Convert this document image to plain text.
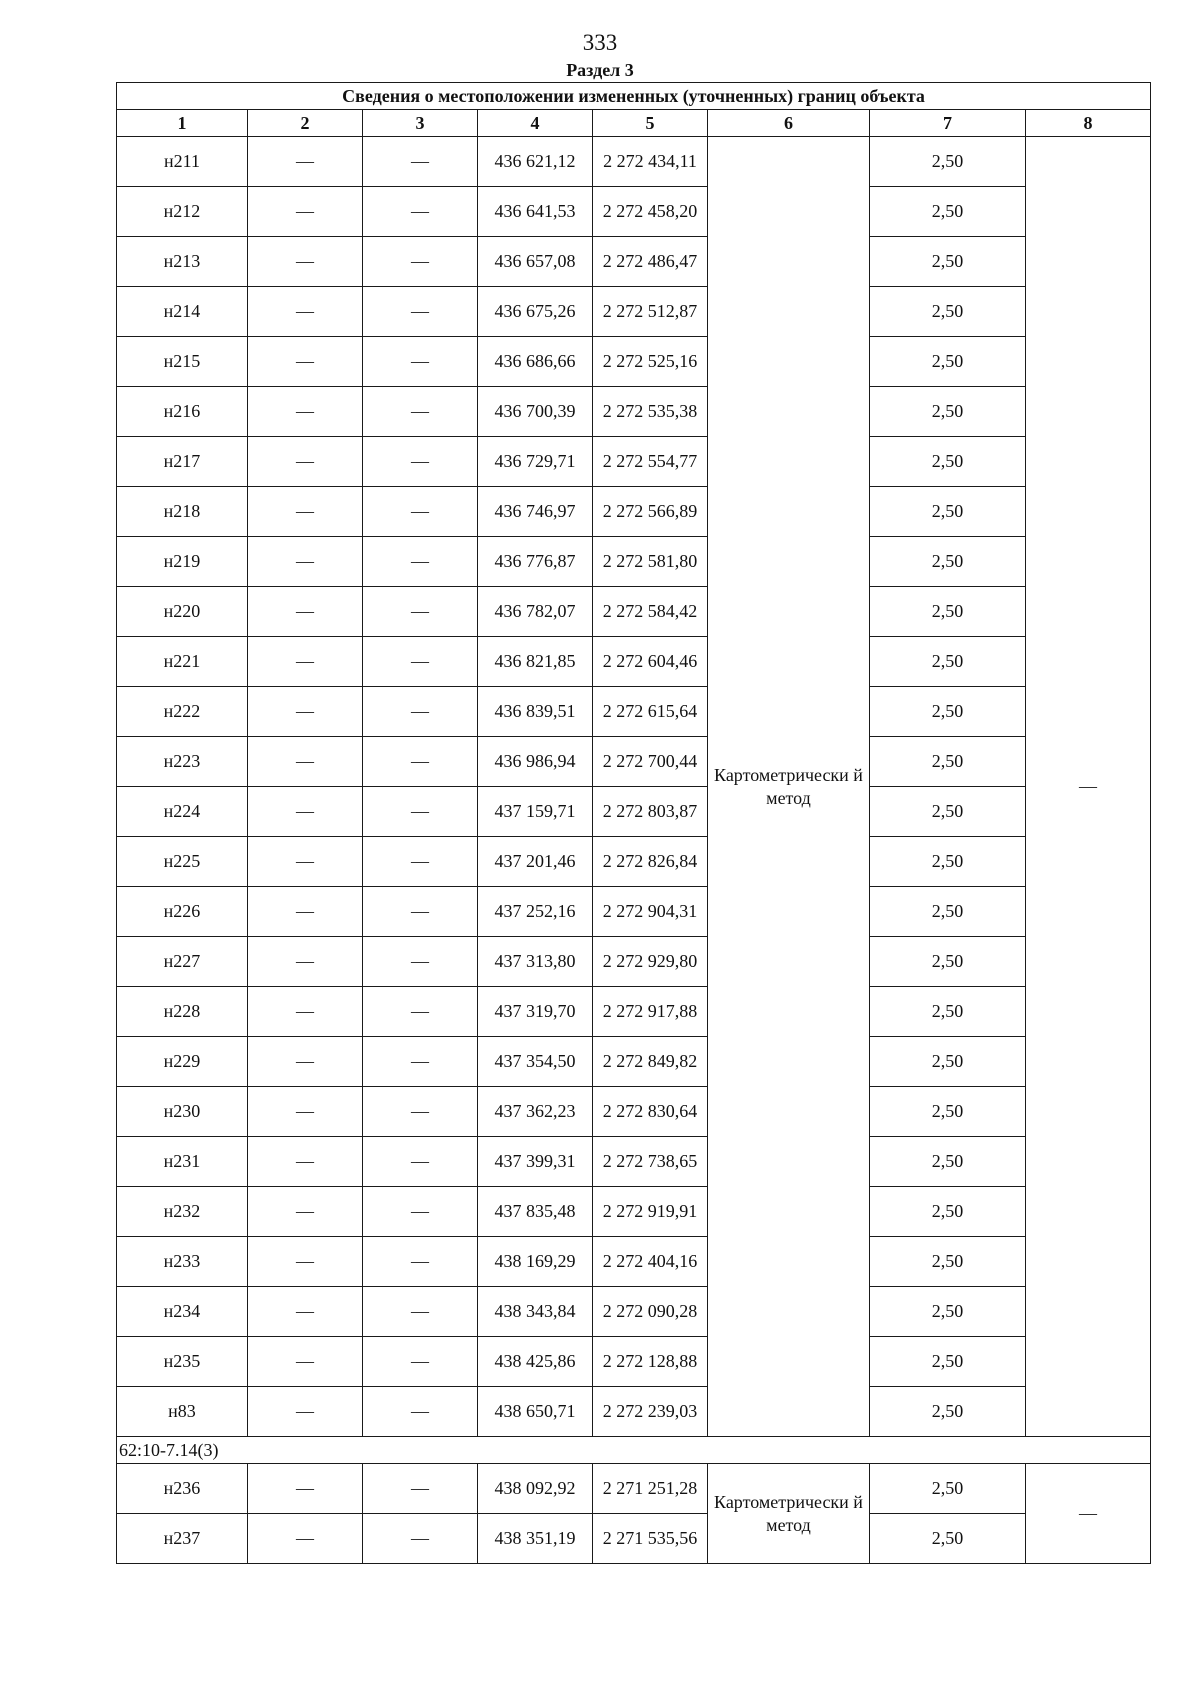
333
Раздел 3
Сведения о местоположении измененных (уточненных) границ объекта							
1	2	3	4	5	6	7	8
н211	—	—	436 621,12	2 272 434,11	Картометрически й метод	2,50	—
н212	—	—	436 641,53	2 272 458,20		2,50	
н213	—	—	436 657,08	2 272 486,47		2,50	
н214	—	—	436 675,26	2 272 512,87		2,50	
н215	—	—	436 686,66	2 272 525,16		2,50	
н216	—	—	436 700,39	2 272 535,38		2,50	
н217	—	—	436 729,71	2 272 554,77		2,50	
н218	—	—	436 746,97	2 272 566,89		2,50	
н219	—	—	436 776,87	2 272 581,80		2,50	
н220	—	—	436 782,07	2 272 584,42		2,50	
н221	—	—	436 821,85	2 272 604,46		2,50	
н222	—	—	436 839,51	2 272 615,64		2,50	
н223	—	—	436 986,94	2 272 700,44		2,50	
н224	—	—	437 159,71	2 272 803,87		2,50	
н225	—	—	437 201,46	2 272 826,84		2,50	
н226	—	—	437 252,16	2 272 904,31		2,50	
н227	—	—	437 313,80	2 272 929,80		2,50	
н228	—	—	437 319,70	2 272 917,88		2,50	
н229	—	—	437 354,50	2 272 849,82		2,50	
н230	—	—	437 362,23	2 272 830,64		2,50	
н231	—	—	437 399,31	2 272 738,65		2,50	
н232	—	—	437 835,48	2 272 919,91		2,50	
н233	—	—	438 169,29	2 272 404,16		2,50	
н234	—	—	438 343,84	2 272 090,28		2,50	
н235	—	—	438 425,86	2 272 128,88		2,50	
н83	—	—	438 650,71	2 272 239,03		2,50	
62:10-7.14(3)							
н236	—	—	438 092,92	2 271 251,28	Картометрически й метод	2,50	—
н237	—	—	438 351,19	2 271 535,56		2,50	
